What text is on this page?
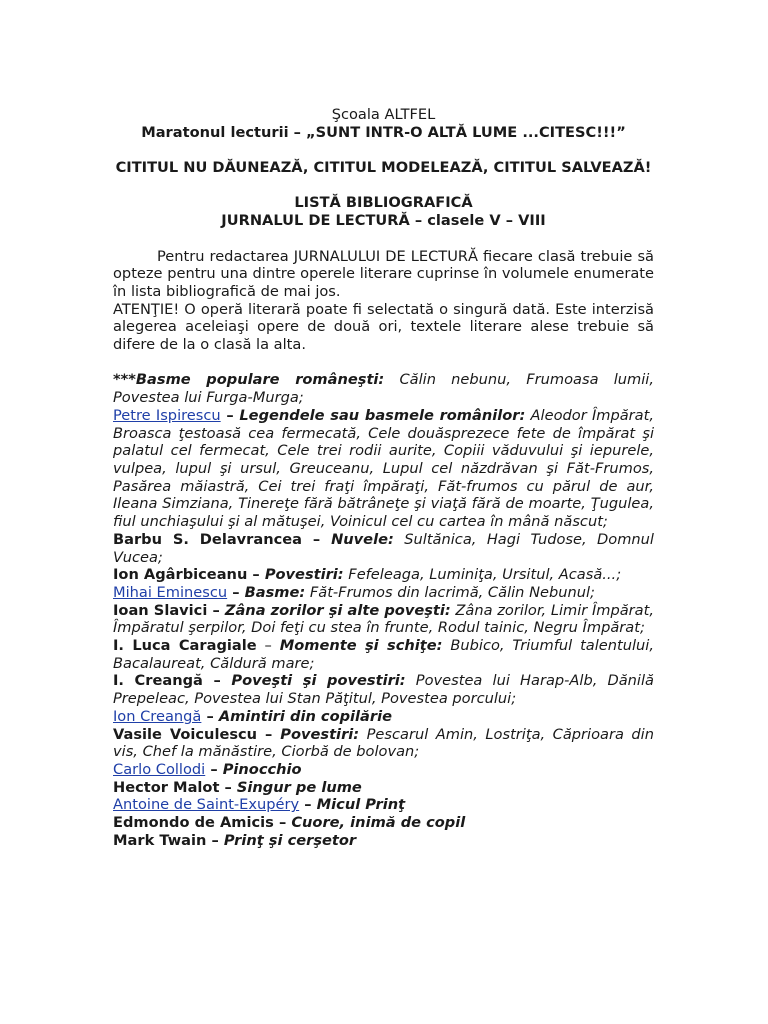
Şcoala ALTFEL
Maratonul lecturii – „SUNT INTR-O ALTĂ LUME ...CITESC!!!”
CITITUL NU DĂUNEAZĂ, CITITUL MODELEAZĂ, CITITUL SALVEAZĂ!
LISTĂ BIBLIOGRAFICĂ
JURNALUL DE LECTURĂ – clasele V – VIII
Pentru redactarea JURNALULUI DE LECTURĂ fiecare clasă trebuie să opteze pentru una dintre operele literare cuprinse în volumele enumerate în lista bibliografică de mai jos.
ATENŢIE! O operă literară poate fi selectată o singură dată. Este interzisă alegerea aceleiaşi opere de două ori, textele literare alese trebuie să difere de la o clasă la alta.
***Basme populare româneşti: Călin nebunu, Frumoasa lumii, Povestea lui Furga-Murga;
Petre Ispirescu – Legendele sau basmele românilor: Aleodor Împărat, Broasca ţestoasă cea fermecată, Cele douăsprezece fete de împărat şi palatul cel fermecat, Cele trei rodii aurite, Copiii văduvului şi iepurele, vulpea, lupul şi ursul, Greuceanu, Lupul cel năzdrăvan şi Făt-Frumos, Pasărea măiastră, Cei trei fraţi împăraţi, Făt-frumos cu părul de aur, Ileana Simziana, Tinereţe fără bătrâneţe şi viaţă fără de moarte, Ţugulea, fiul unchiaşului şi al mătuşei, Voinicul cel cu cartea în mână născut;
Barbu S. Delavrancea – Nuvele: Sultănica, Hagi Tudose, Domnul Vucea;
Ion Agârbiceanu – Povestiri: Fefeleaga, Luminiţa, Ursitul, Acasă...;
Mihai Eminescu – Basme: Făt-Frumos din lacrimă, Călin Nebunul;
Ioan Slavici – Zâna zorilor şi alte poveşti: Zâna zorilor, Limir Împărat, Împăratul şerpilor, Doi feţi cu stea în frunte, Rodul tainic, Negru Împărat;
I. Luca Caragiale – Momente şi schiţe: Bubico, Triumful talentului, Bacalaureat, Căldură mare;
I. Creangă – Poveşti şi povestiri: Povestea lui Harap-Alb, Dănilă Prepeleac, Povestea lui Stan Păţitul, Povestea porcului;
Ion Creangă – Amintiri din copilărie
Vasile Voiculescu – Povestiri: Pescarul Amin, Lostriţa, Căprioara din vis, Chef la mănăstire, Ciorbă de bolovan;
Carlo Collodi – Pinocchio
Hector Malot – Singur pe lume
Antoine de Saint-Exupéry – Micul Prinţ
Edmondo de Amicis – Cuore, inimă de copil
Mark Twain – Prinţ şi cerşetor
